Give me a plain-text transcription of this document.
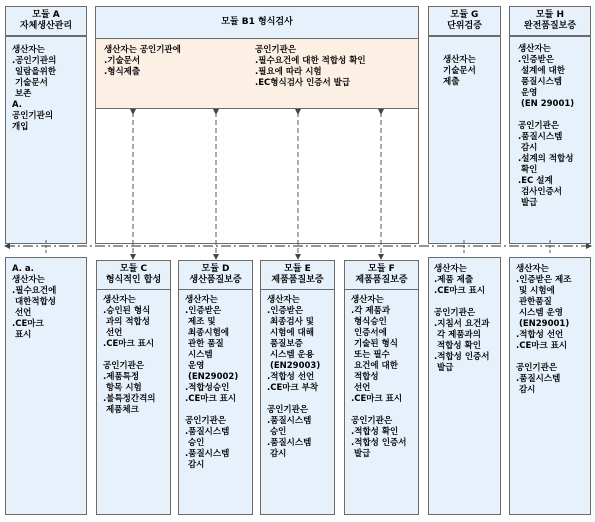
모듈 A
자체생산관리
생산자는
.공인기관의
일람을위한
기술문서
보존
A.
공인기관의
개입
모듈 B1 형식검사
생산자는 공인기관에
.기술문서
.형식제출
공인기관은
.필수요건에 대한 적합성 확인
.필요에 따라 시험
.EC형식검사 인증서 발급
모듈 G
단위검증
생산자는
기술문서
제출
모듈 H
완전품질보증
생산자는
.인증받은
설계에 대한
품질시스템
운영
(EN 29001)

공인기관은
.품질시스템
감시
.설계의 적합성
확인
.EC 설계
검사인증서
발급
A. a.
생산자는
.필수요건에
대한적합성
선언
.CE마크
표시
모듈 C
형식적인 합성
생산자는
.승인된 형식
과의 적합성
선언
.CE마크 표시

공인기관은
.제품특정
항목 시험
.불특정간격의
제품체크
모듈 D
생산품질보증
생산자는
.인증받은
제조 및
최종시험에
관한 품질
시스템
운영
(EN29002)
.적합성승인
.CE마크 표시

공인기관은
.품질시스템
승인
.품질시스템
감시
모듈 E
제품품질보증
생산자는
.인증받은
최종검사 및
시험에 대해
품질보증
시스템 운용
(EN29003)
.적합성 선언
.CE마크 부착

공인기관은
.품질시스템
승인
.품질시스템
감시
모듈 F
제품품질보증
생산자는
.각 제품과
형식승인
인증서에
기술된 형식
또는 필수
요건에 대한
적합성
선언
.CE마크 표시

공인기관은
.적합성 확인
.적합성 인증서
발급
생산자는
.제품 제출
.CE마크 표시

공인기관은
.지침서 요건과
각 제품과의
적합성 확인
.적합성 인증서
발급
생산자는
.인증받은 제조
및 시험에
관한품질
시스템 운영
(EN29001)
.적합성 선언
.CE마크 표시

공인기관은
.품질시스템
감시
